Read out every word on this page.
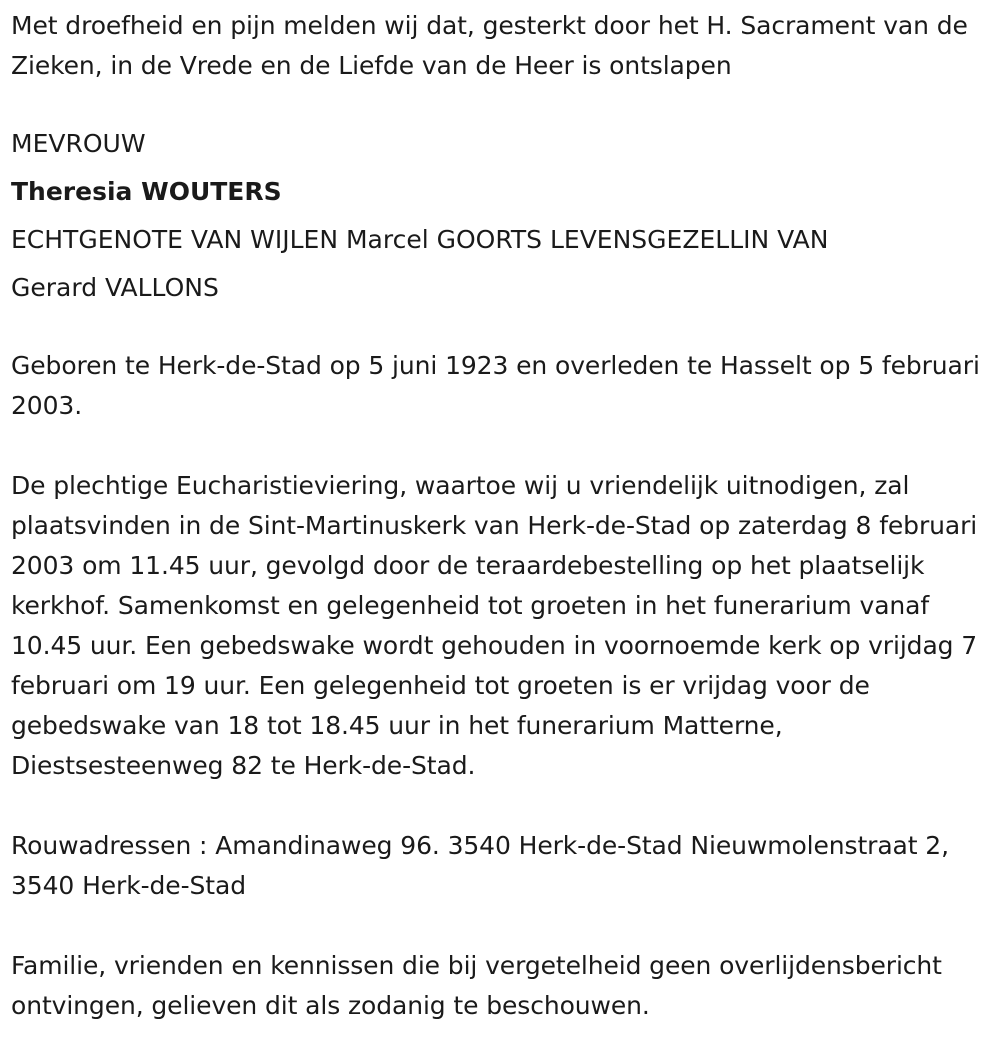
Met droefheid en pijn melden wij dat, gesterkt door het H. Sacrament van de Zieken, in de Vrede en de Liefde van de Heer is ontslapen

MEVROUW

Theresia WOUTERS

ECHTGENOTE VAN WIJLEN Marcel GOORTS LEVENSGEZELLIN VAN

Gerard VALLONS

Geboren te Herk-de-Stad op 5 juni 1923 en overleden te Hasselt op 5 februari 2003.

De plechtige Eucharistieviering, waartoe wij u vriendelijk uitnodigen, zal plaatsvinden in de Sint-Martinuskerk van Herk-de-Stad op zaterdag 8 februari 2003 om 11.45 uur, gevolgd door de teraardebestelling op het plaatselijk kerkhof. Samenkomst en gelegenheid tot groeten in het funerarium vanaf 10.45 uur. Een gebedswake wordt gehouden in voornoemde kerk op vrijdag 7 februari om 19 uur. Een gelegenheid tot groeten is er vrijdag voor de gebedswake van 18 tot 18.45 uur in het funerarium Matterne, Diestsesteenweg 82 te Herk-de-Stad.

Rouwadressen : Amandinaweg 96. 3540 Herk-de-Stad Nieuwmolenstraat 2, 3540 Herk-de-Stad

Familie, vrienden en kennissen die bij vergetelheid geen overlijdensbericht ontvingen, gelieven dit als zodanig te beschouwen.
